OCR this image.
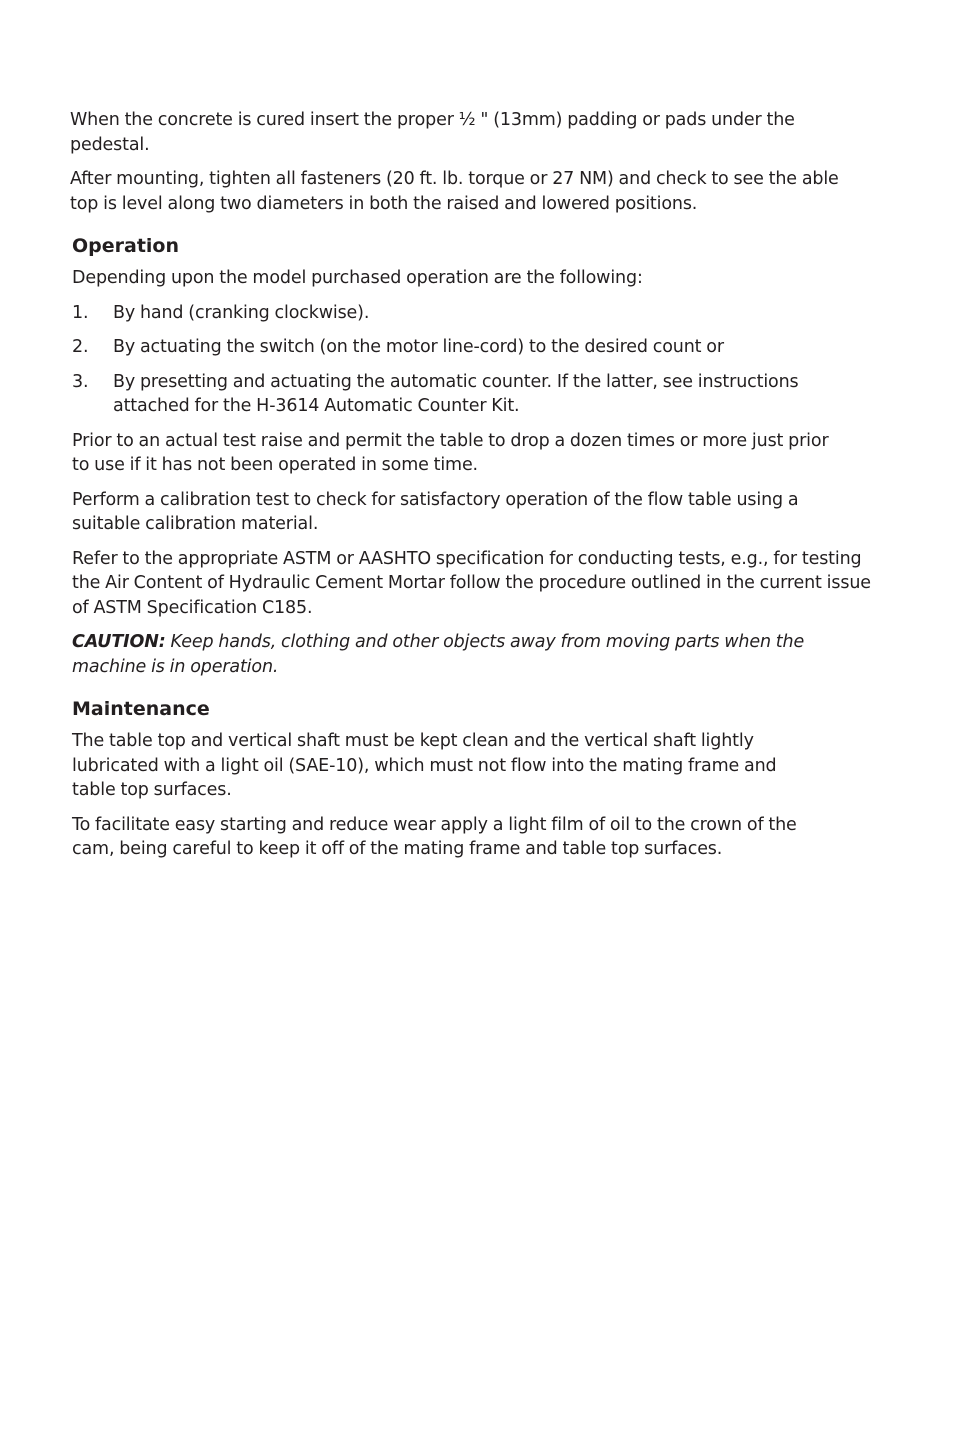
When the concrete is cured insert the proper ½ " (13mm) padding or pads under the pedestal.

After mounting, tighten all fasteners (20 ft. lb. torque or 27 NM) and check to see the able top is level along two diameters in both the raised and lowered positions.

Operation

Depending upon the model purchased operation are the following:

1. By hand (cranking clockwise).
2. By actuating the switch (on the motor line-cord) to the desired count or
3. By presetting and actuating the automatic counter. If the latter, see instructions attached for the H-3614 Automatic Counter Kit.

Prior to an actual test raise and permit the table to drop a dozen times or more just prior to use if it has not been operated in some time.

Perform a calibration test to check for satisfactory operation of the flow table using a suitable calibration material.

Refer to the appropriate ASTM or AASHTO specification for conducting tests, e.g., for testing the Air Content of Hydraulic Cement Mortar follow the procedure outlined in the current issue of ASTM Specification C185.

CAUTION: Keep hands, clothing and other objects away from moving parts when the machine is in operation.

Maintenance

The table top and vertical shaft must be kept clean and the vertical shaft lightly lubricated with a light oil (SAE-10), which must not flow into the mating frame and table top surfaces.

To facilitate easy starting and reduce wear apply a light film of oil to the crown of the cam, being careful to keep it off of the mating frame and table top surfaces.
